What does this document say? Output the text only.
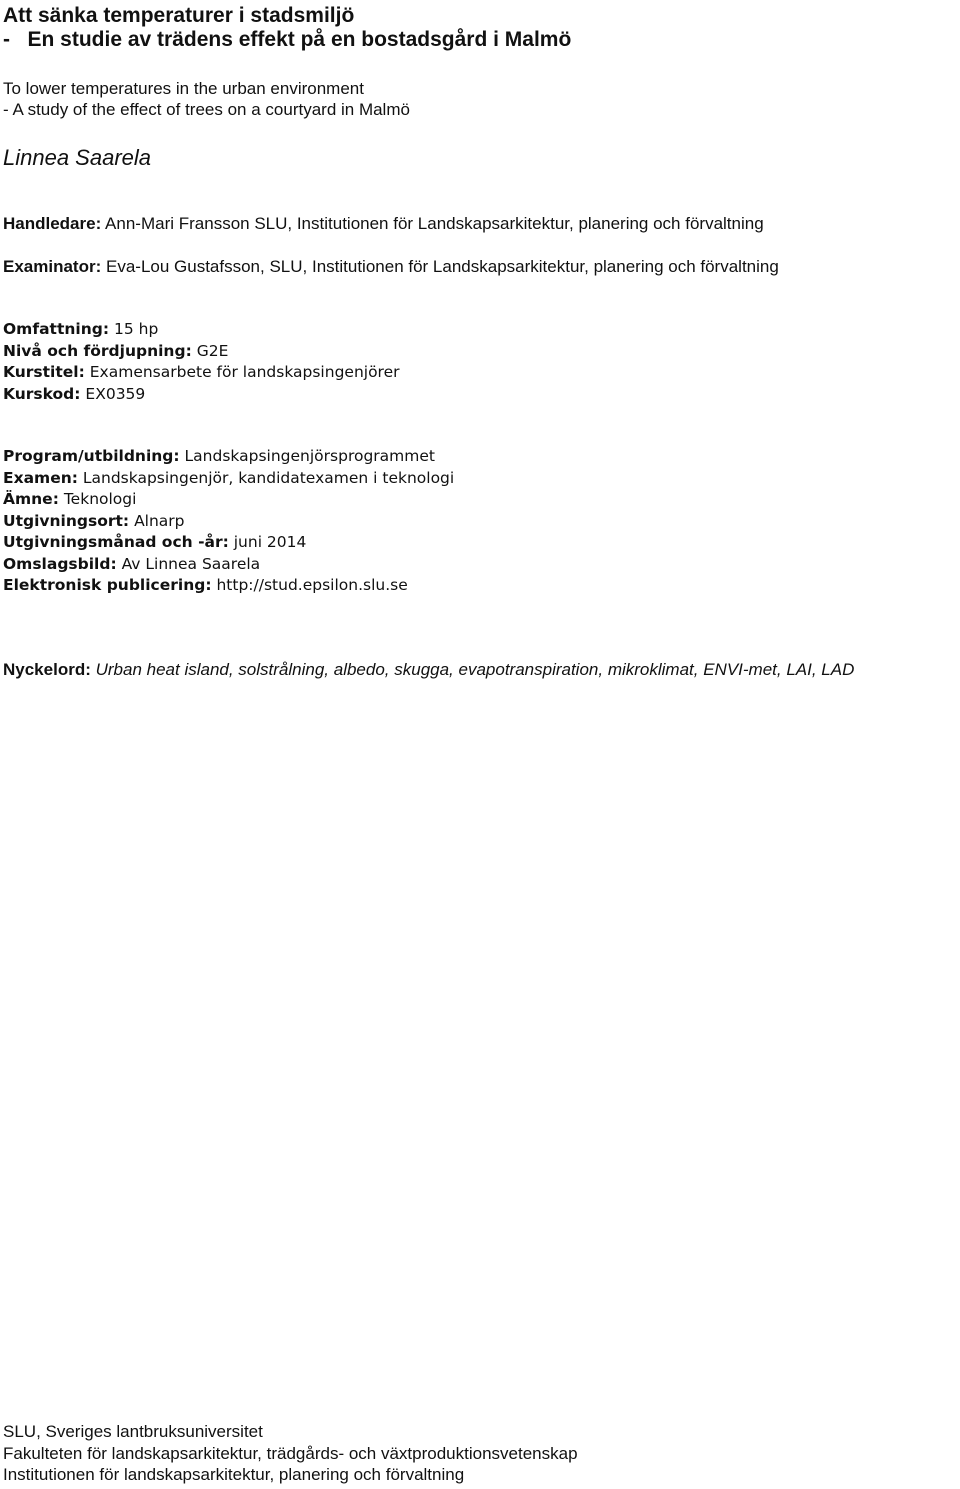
Att sänka temperaturer i stadsmiljö
- En studie av trädens effekt på en bostadsgård i Malmö
To lower temperatures in the urban environment
- A study of the effect of trees on a courtyard in Malmö
Linnea Saarela
Handledare: Ann-Mari Fransson SLU, Institutionen för Landskapsarkitektur, planering och förvaltning
Examinator: Eva-Lou Gustafsson, SLU, Institutionen för Landskapsarkitektur, planering och förvaltning
Omfattning: 15 hp
Nivå och fördjupning: G2E
Kurstitel: Examensarbete för landskapsingenjörer
Kurskod: EX0359
Program/utbildning: Landskapsingenjörsprogrammet
Examen: Landskapsingenjör, kandidatexamen i teknologi
Ämne: Teknologi
Utgivningsort: Alnarp
Utgivningsmånad och -år: juni 2014
Omslagsbild: Av Linnea Saarela
Elektronisk publicering: http://stud.epsilon.slu.se
Nyckelord: Urban heat island, solstrålning, albedo, skugga, evapotranspiration, mikroklimat, ENVI-met, LAI, LAD
SLU, Sveriges lantbruksuniversitet
Fakulteten för landskapsarkitektur, trädgårds- och växtproduktionsvetenskap
Institutionen för landskapsarkitektur, planering och förvaltning
